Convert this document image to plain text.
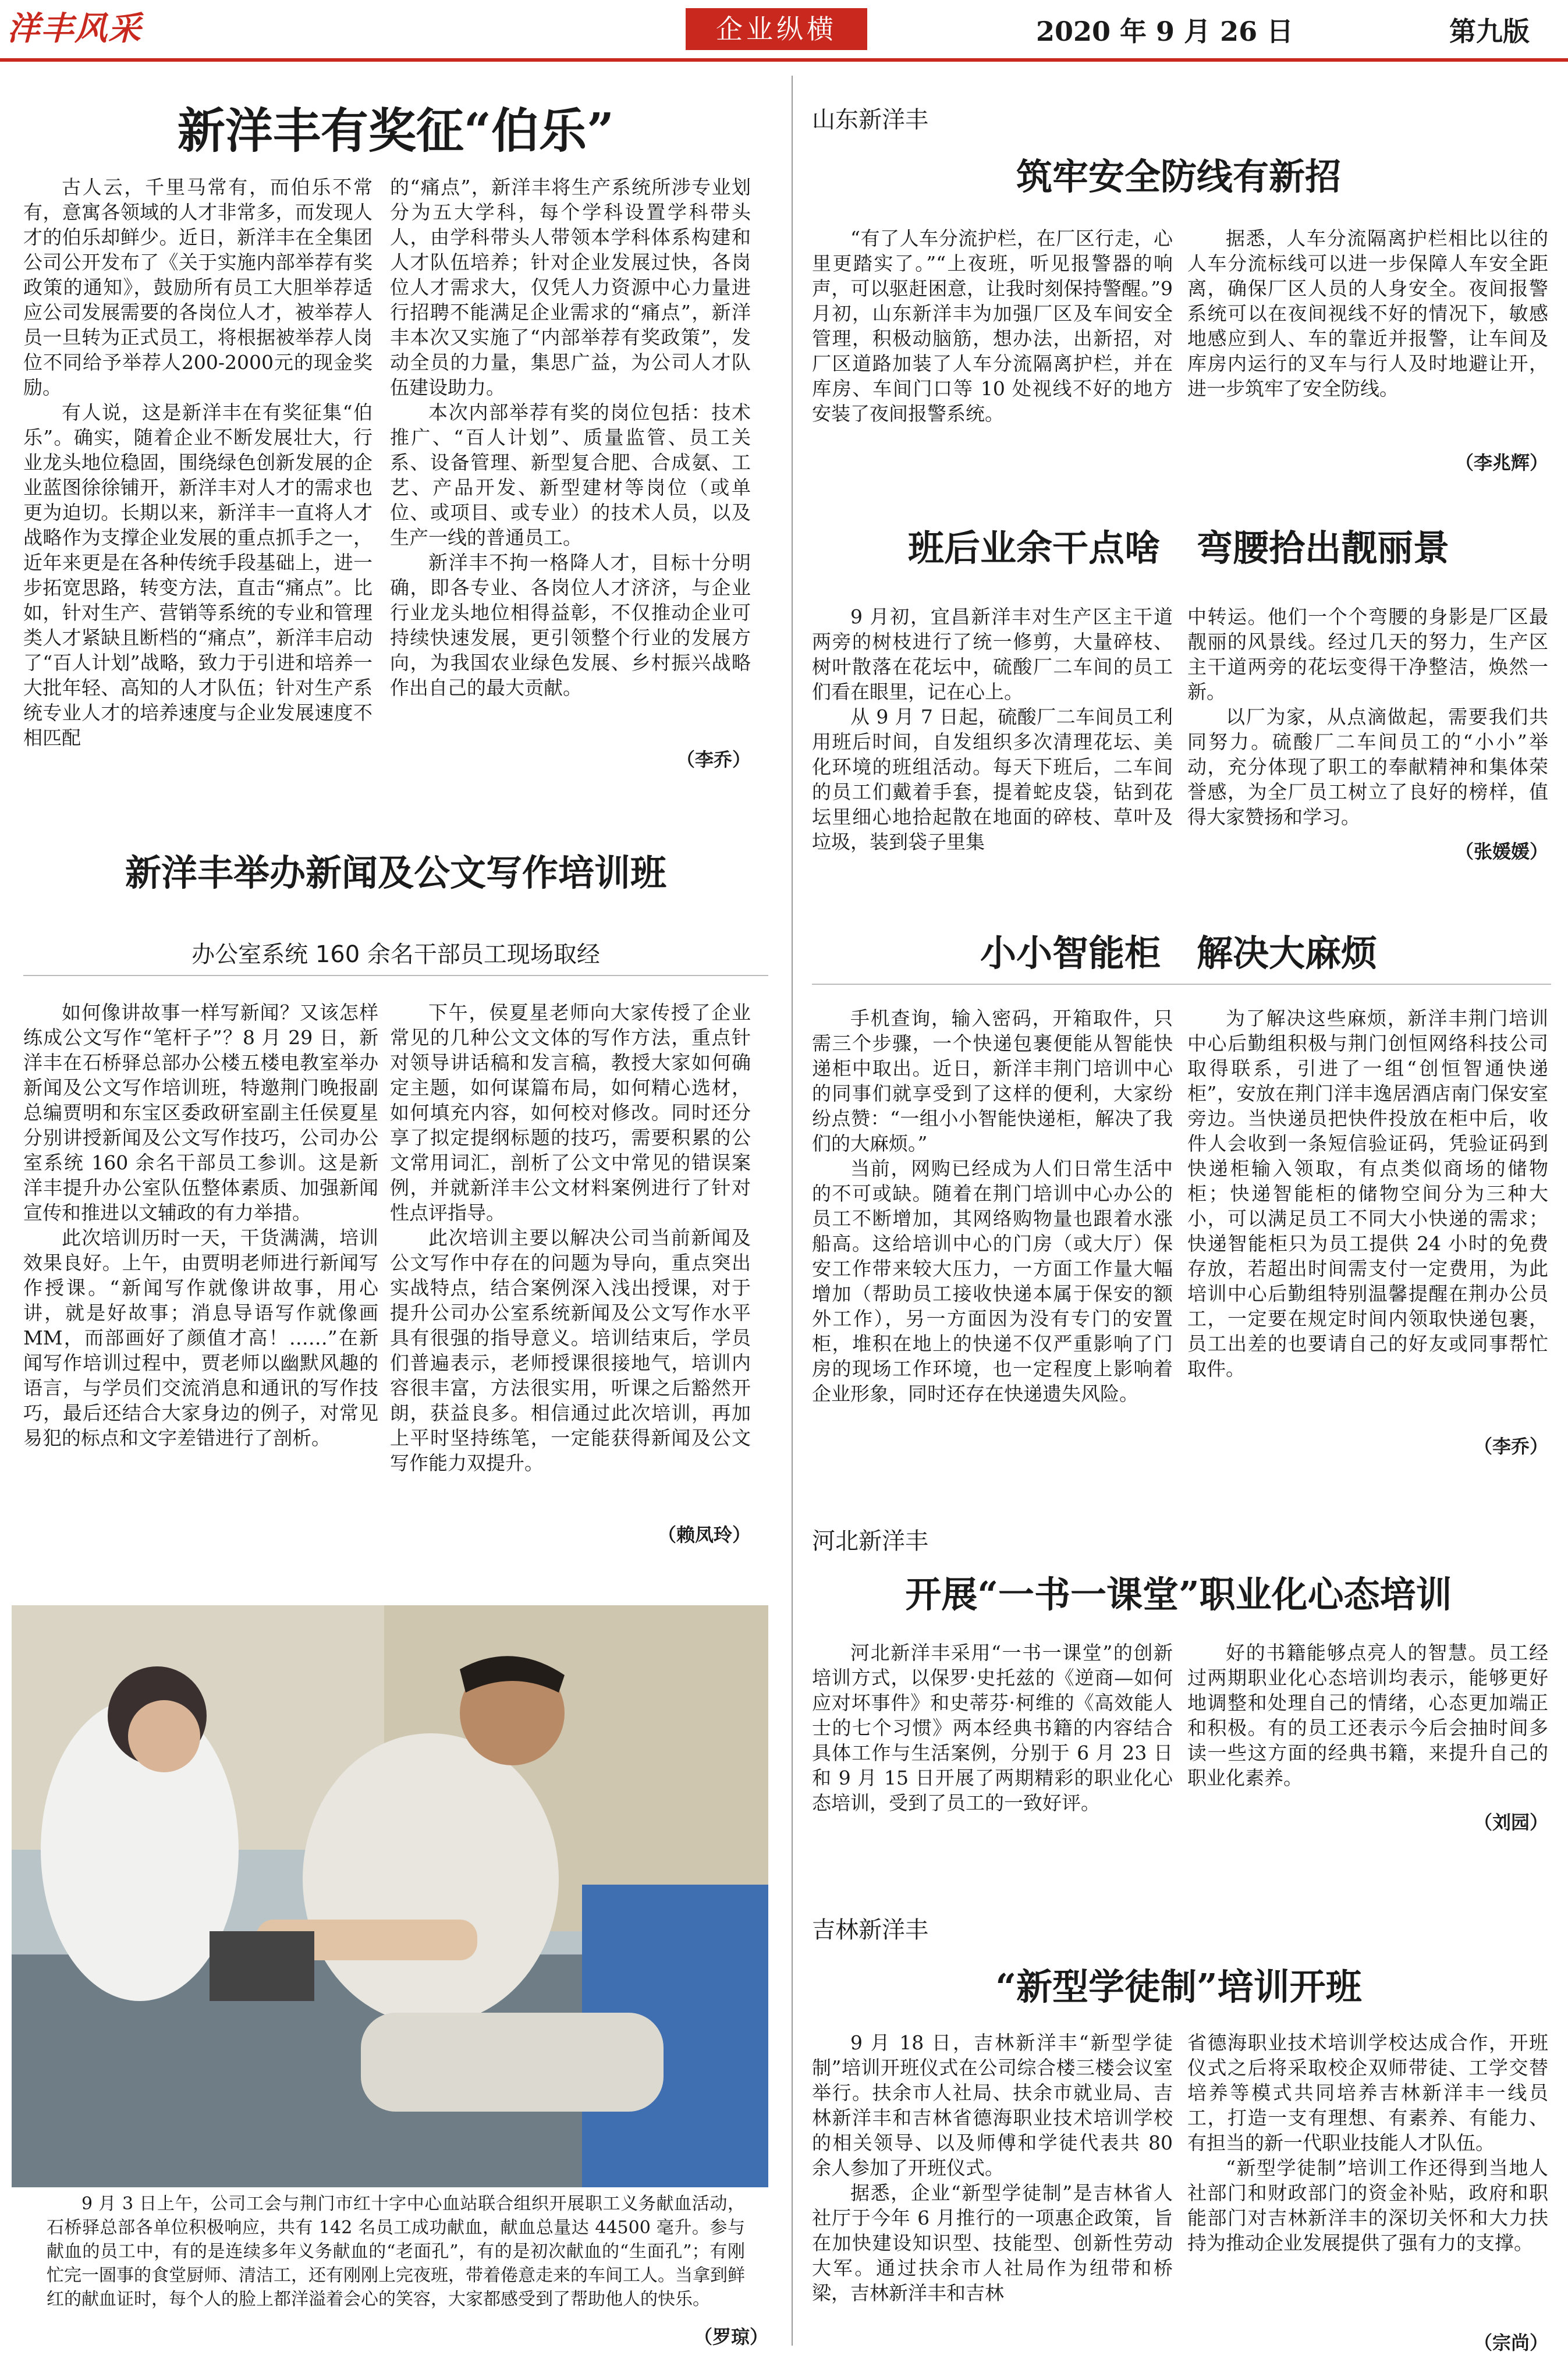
洋丰风采	企业纵横	2020 年 9 月 26 日	第九版
新洋丰有奖征“伯乐”

古人云，千里马常有，而伯乐不常有，意寓各领域的人才非常多，而发现人才的伯乐却鲜少。近日，新洋丰在全集团公司公开发布了《关于实施内部举荐有奖政策的通知》，鼓励所有员工大胆举荐适应公司发展需要的各岗位人才，被举荐人员一旦转为正式员工，将根据被举荐人岗位不同给予举荐人200-2000元的现金奖励。

有人说，这是新洋丰在有奖征集“伯乐”。确实，随着企业不断发展壮大，行业龙头地位稳固，围绕绿色创新发展的企业蓝图徐徐铺开，新洋丰对人才的需求也更为迫切。长期以来，新洋丰一直将人才战略作为支撑企业发展的重点抓手之一，近年来更是在各种传统手段基础上，进一步拓宽思路，转变方法，直击“痛点”。比如，针对生产、营销等系统的专业和管理类人才紧缺且断档的“痛点”，新洋丰启动了“百人计划”战略，致力于引进和培养一大批年轻、高知的人才队伍；针对生产系统专业人才的培养速度与企业发展速度不相匹配

的“痛点”，新洋丰将生产系统所涉专业划分为五大学科，每个学科设置学科带头人，由学科带头人带领本学科体系构建和人才队伍培养；针对企业发展过快，各岗位人才需求大，仅凭人力资源中心力量进行招聘不能满足企业需求的“痛点”，新洋丰本次又实施了“内部举荐有奖政策”，发动全员的力量，集思广益，为公司人才队伍建设助力。

本次内部举荐有奖的岗位包括：技术推广、“百人计划”、质量监管、员工关系、设备管理、新型复合肥、合成氨、工艺、产品开发、新型建材等岗位（或单位、或项目、或专业）的技术人员，以及生产一线的普通员工。

新洋丰不拘一格降人才，目标十分明确，即各专业、各岗位人才济济，与企业行业龙头地位相得益彰，不仅推动企业可持续快速发展，更引领整个行业的发展方向，为我国农业绿色发展、乡村振兴战略作出自己的最大贡献。

（李乔）
新洋丰举办新闻及公文写作培训班
办公室系统 160 余名干部员工现场取经

如何像讲故事一样写新闻？又该怎样练成公文写作“笔杆子”？8 月 29 日，新洋丰在石桥驿总部办公楼五楼电教室举办新闻及公文写作培训班，特邀荆门晚报副总编贾明和东宝区委政研室副主任侯夏星分别讲授新闻及公文写作技巧，公司办公室系统 160 余名干部员工参训。这是新洋丰提升办公室队伍整体素质、加强新闻宣传和推进以文辅政的有力举措。

此次培训历时一天，干货满满，培训效果良好。上午，由贾明老师进行新闻写作授课。“新闻写作就像讲故事，用心讲，就是好故事；消息导语写作就像画 MM，而部画好了颜值才高！……”在新闻写作培训过程中，贾老师以幽默风趣的语言，与学员们交流消息和通讯的写作技巧，最后还结合大家身边的例子，对常见易犯的标点和文字差错进行了剖析。

下午，侯夏星老师向大家传授了企业常见的几种公文文体的写作方法，重点针对领导讲话稿和发言稿，教授大家如何确定主题，如何谋篇布局，如何精心选材，如何填充内容，如何校对修改。同时还分享了拟定提纲标题的技巧，需要积累的公文常用词汇，剖析了公文中常见的错误案例，并就新洋丰公文材料案例进行了针对性点评指导。

此次培训主要以解决公司当前新闻及公文写作中存在的问题为导向，重点突出实战特点，结合案例深入浅出授课，对于提升公司办公室系统新闻及公文写作水平具有很强的指导意义。培训结束后，学员们普遍表示，老师授课很接地气，培训内容很丰富，方法很实用，听课之后豁然开朗，获益良多。相信通过此次培训，再加上平时坚持练笔，一定能获得新闻及公文写作能力双提升。

（赖凤玲）
9 月 3 日上午，公司工会与荆门市红十字中心血站联合组织开展职工义务献血活动，石桥驿总部各单位积极响应，共有 142 名员工成功献血，献血总量达 44500 毫升。参与献血的员工中，有的是连续多年义务献血的“老面孔”，有的是初次献血的“生面孔”；有刚忙完一圄事的食堂厨师、清洁工，还有刚刚上完夜班，带着倦意走来的车间工人。当拿到鲜红的献血证时，每个人的脸上都洋溢着会心的笑容，大家都感受到了帮助他人的快乐。
（罗琼）
山东新洋丰
筑牢安全防线有新招

“有了人车分流护栏，在厂区行走，心里更踏实了。”“上夜班，听见报警器的响声，可以驱赶困意，让我时刻保持警醒。”9 月初，山东新洋丰为加强厂区及车间安全管理，积极动脑筋，想办法，出新招，对厂区道路加装了人车分流隔离护栏，并在库房、车间门口等 10 处视线不好的地方安装了夜间报警系统。

据悉，人车分流隔离护栏相比以往的人车分流标线可以进一步保障人车安全距离，确保厂区人员的人身安全。夜间报警系统可以在夜间视线不好的情况下，敏感地感应到人、车的靠近并报警，让车间及库房内运行的叉车与行人及时地避让开，进一步筑牢了安全防线。

（李兆辉）
班后业余干点啥　弯腰拾出靓丽景

9 月初，宜昌新洋丰对生产区主干道两旁的树枝进行了统一修剪，大量碎枝、树叶散落在花坛中，硫酸厂二车间的员工们看在眼里，记在心上。

从 9 月 7 日起，硫酸厂二车间员工利用班后时间，自发组织多次清理花坛、美化环境的班组活动。每天下班后，二车间的员工们戴着手套，提着蛇皮袋，钻到花坛里细心地拾起散在地面的碎枝、草叶及垃圾，装到袋子里集

中转运。他们一个个弯腰的身影是厂区最靓丽的风景线。经过几天的努力，生产区主干道两旁的花坛变得干净整洁，焕然一新。

以厂为家，从点滴做起，需要我们共同努力。硫酸厂二车间员工的“小小”举动，充分体现了职工的奉献精神和集体荣誉感，为全厂员工树立了良好的榜样，值得大家赞扬和学习。

（张媛媛）
小小智能柜　解决大麻烦

手机查询，输入密码，开箱取件，只需三个步骤，一个快递包裹便能从智能快递柜中取出。近日，新洋丰荆门培训中心的同事们就享受到了这样的便利，大家纷纷点赞：“一组小小智能快递柜，解决了我们的大麻烦。”

当前，网购已经成为人们日常生活中的不可或缺。随着在荆门培训中心办公的员工不断增加，其网络购物量也跟着水涨船高。这给培训中心的门房（或大厅）保安工作带来较大压力，一方面工作量大幅增加（帮助员工接收快递本属于保安的额外工作），另一方面因为没有专门的安置柜，堆积在地上的快递不仅严重影响了门房的现场工作环境，也一定程度上影响着企业形象，同时还存在快递遗失风险。

为了解决这些麻烦，新洋丰荆门培训中心后勤组积极与荆门创恒网络科技公司取得联系，引进了一组“创恒智通快递柜”，安放在荆门洋丰逸居酒店南门保安室旁边。当快递员把快件投放在柜中后，收件人会收到一条短信验证码，凭验证码到快递柜输入领取，有点类似商场的储物柜；快递智能柜的储物空间分为三种大小，可以满足员工不同大小快递的需求；快递智能柜只为员工提供 24 小时的免费存放，若超出时间需支付一定费用，为此培训中心后勤组特别温馨提醒在荆办公员工，一定要在规定时间内领取快递包裹，员工出差的也要请自己的好友或同事帮忙取件。

（李乔）
河北新洋丰
开展“一书一课堂”职业化心态培训

河北新洋丰采用“一书一课堂”的创新培训方式，以保罗·史托兹的《逆商—如何应对坏事件》和史蒂芬·柯维的《高效能人士的七个习惯》两本经典书籍的内容结合具体工作与生活案例，分别于 6 月 23 日和 9 月 15 日开展了两期精彩的职业化心态培训，受到了员工的一致好评。

好的书籍能够点亮人的智慧。员工经过两期职业化心态培训均表示，能够更好地调整和处理自己的情绪，心态更加端正和积极。有的员工还表示今后会抽时间多读一些这方面的经典书籍，来提升自己的职业化素养。

（刘园）
吉林新洋丰
“新型学徒制”培训开班

9 月 18 日，吉林新洋丰“新型学徒制”培训开班仪式在公司综合楼三楼会议室举行。扶余市人社局、扶余市就业局、吉林新洋丰和吉林省德海职业技术培训学校的相关领导、以及师傅和学徒代表共 80 余人参加了开班仪式。

据悉，企业“新型学徒制”是吉林省人社厅于今年 6 月推行的一项惠企政策，旨在加快建设知识型、技能型、创新性劳动大军。通过扶余市人社局作为纽带和桥梁，吉林新洋丰和吉林

省德海职业技术培训学校达成合作，开班仪式之后将采取校企双师带徒、工学交替培养等模式共同培养吉林新洋丰一线员工，打造一支有理想、有素养、有能力、有担当的新一代职业技能人才队伍。

“新型学徒制”培训工作还得到当地人社部门和财政部门的资金补贴，政府和职能部门对吉林新洋丰的深切关怀和大力扶持为推动企业发展提供了强有力的支撑。

（宗尚）
